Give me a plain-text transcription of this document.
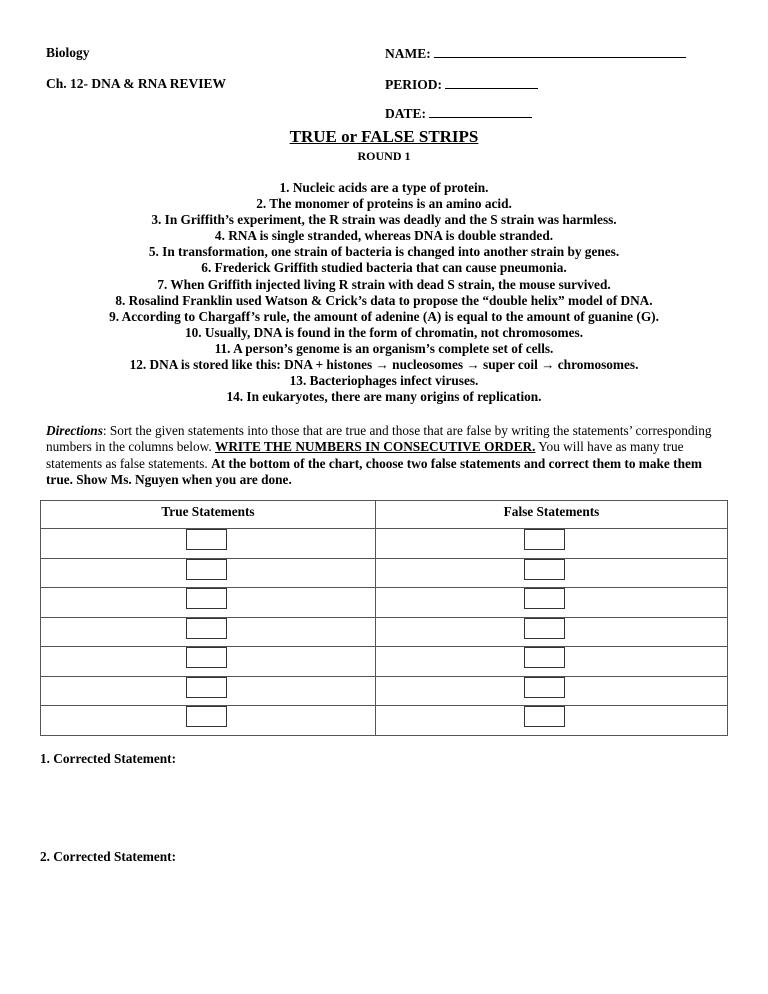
Biology
Ch. 12- DNA & RNA REVIEW
NAME:
PERIOD:
DATE:
TRUE or FALSE STRIPS
ROUND 1
1. Nucleic acids are a type of protein.
2. The monomer of proteins is an amino acid.
3. In Griffith’s experiment, the R strain was deadly and the S strain was harmless.
4. RNA is single stranded, whereas DNA is double stranded.
5. In transformation, one strain of bacteria is changed into another strain by genes.
6. Frederick Griffith studied bacteria that can cause pneumonia.
7. When Griffith injected living R strain with dead S strain, the mouse survived.
8. Rosalind Franklin used Watson & Crick’s data to propose the “double helix” model of DNA.
9. According to Chargaff’s rule, the amount of adenine (A) is equal to the amount of guanine (G).
10. Usually, DNA is found in the form of chromatin, not chromosomes.
11. A person’s genome is an organism’s complete set of cells.
12. DNA is stored like this: DNA + histones → nucleosomes → super coil → chromosomes.
13. Bacteriophages infect viruses.
14. In eukaryotes, there are many origins of replication.
Directions: Sort the given statements into those that are true and those that are false by writing the statements’ corresponding numbers in the columns below. WRITE THE NUMBERS IN CONSECUTIVE ORDER. You will have as many true statements as false statements. At the bottom of the chart, choose two false statements and correct them to make them true. Show Ms. Nguyen when you are done.
True Statements	False Statements

1. Corrected Statement:
2. Corrected Statement:
